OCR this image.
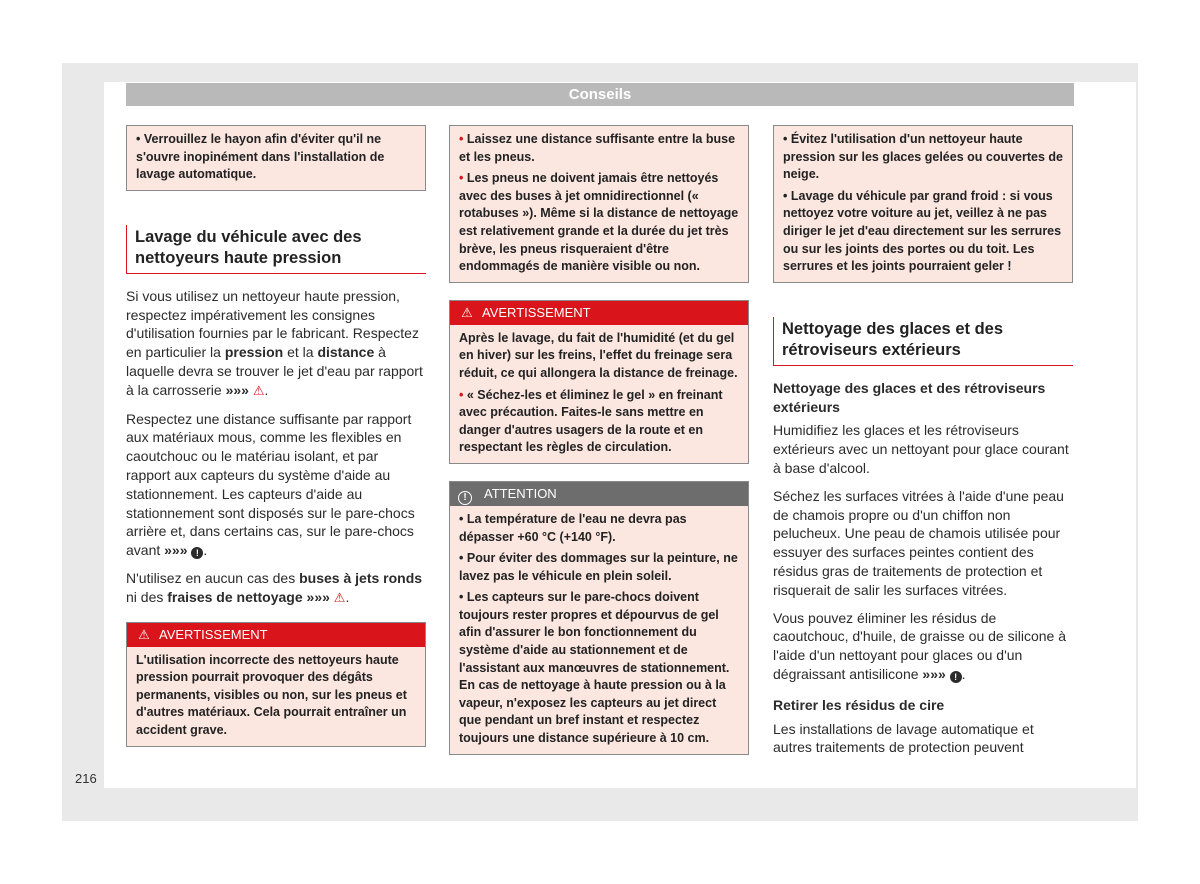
Conseils
216

• Verrouillez le hayon afin d'éviter qu'il ne s'ouvre inopinément dans l'installation de lavage automatique.

Lavage du véhicule avec des nettoyeurs haute pression

Si vous utilisez un nettoyeur haute pression, respectez impérativement les consignes d'utilisation fournies par le fabricant. Respectez en particulier la pression et la distance à laquelle devra se trouver le jet d'eau par rapport à la carrosserie »»» ⚠.

Respectez une distance suffisante par rapport aux matériaux mous, comme les flexibles en caoutchouc ou le matériau isolant, et par rapport aux capteurs du système d'aide au stationnement. Les capteurs d'aide au stationnement sont disposés sur le pare-chocs arrière et, dans certains cas, sur le pare-chocs avant »»» ! .

N'utilisez en aucun cas des buses à jets ronds ni des fraises de nettoyage »»» ⚠.

⚠ AVERTISSEMENT

L'utilisation incorrecte des nettoyeurs haute pression pourrait provoquer des dégâts permanents, visibles ou non, sur les pneus et d'autres matériaux. Cela pourrait entraîner un accident grave.

• Laissez une distance suffisante entre la buse et les pneus.

• Les pneus ne doivent jamais être nettoyés avec des buses à jet omnidirectionnel (« rotabuses »). Même si la distance de nettoyage est relativement grande et la durée du jet très brève, les pneus risqueraient d'être endommagés de manière visible ou non.

⚠ AVERTISSEMENT

Après le lavage, du fait de l'humidité (et du gel en hiver) sur les freins, l'effet du freinage sera réduit, ce qui allongera la distance de freinage.

• « Séchez-les et éliminez le gel » en freinant avec précaution. Faites-le sans mettre en danger d'autres usagers de la route et en respectant les règles de circulation.

! ATTENTION

• La température de l'eau ne devra pas dépasser +60 °C (+140 °F).

• Pour éviter des dommages sur la peinture, ne lavez pas le véhicule en plein soleil.

• Les capteurs sur le pare-chocs doivent toujours rester propres et dépourvus de gel afin d'assurer le bon fonctionnement du système d'aide au stationnement et de l'assistant aux manœuvres de stationnement. En cas de nettoyage à haute pression ou à la vapeur, n'exposez les capteurs au jet direct que pendant un bref instant et respectez toujours une distance supérieure à 10 cm.

• Évitez l'utilisation d'un nettoyeur haute pression sur les glaces gelées ou couvertes de neige.

• Lavage du véhicule par grand froid : si vous nettoyez votre voiture au jet, veillez à ne pas diriger le jet d'eau directement sur les serrures ou sur les joints des portes ou du toit. Les serrures et les joints pourraient geler !

Nettoyage des glaces et des rétroviseurs extérieurs
Nettoyage des glaces et des rétroviseurs extérieurs

Humidifiez les glaces et les rétroviseurs extérieurs avec un nettoyant pour glace courant à base d'alcool.

Séchez les surfaces vitrées à l'aide d'une peau de chamois propre ou d'un chiffon non pelucheux. Une peau de chamois utilisée pour essuyer des surfaces peintes contient des résidus gras de traitements de protection et risquerait de salir les surfaces vitrées.

Vous pouvez éliminer les résidus de caoutchouc, d'huile, de graisse ou de silicone à l'aide d'un nettoyant pour glaces ou d'un dégraissant antisilicone »»» ! .

Retirer les résidus de cire

Les installations de lavage automatique et autres traitements de protection peuvent
